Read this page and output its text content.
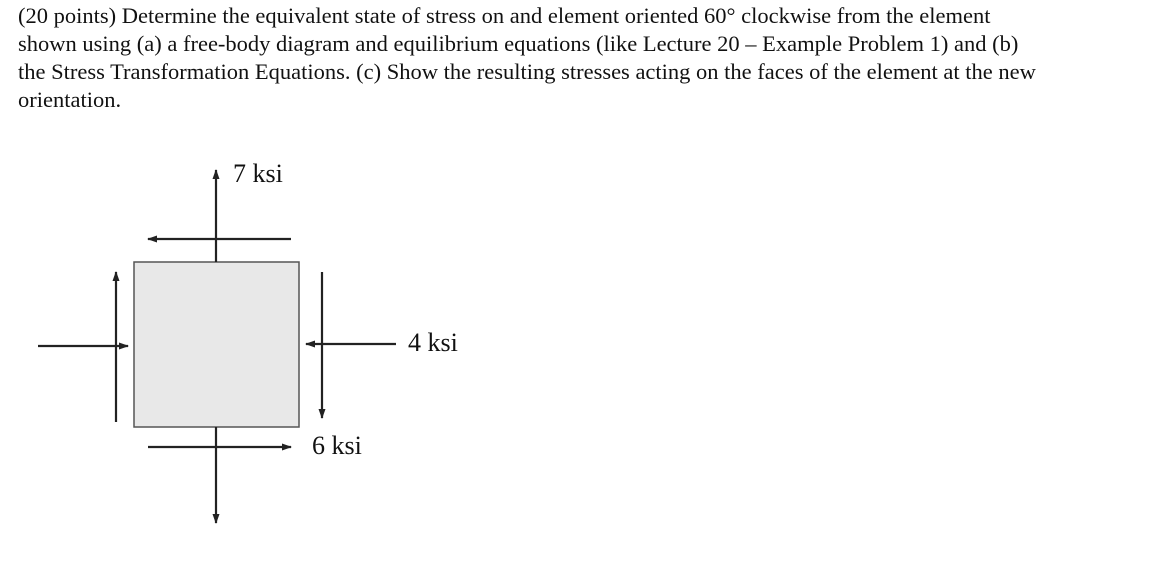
(20 points) Determine the equivalent state of stress on and element oriented 60° clockwise from the element

shown using (a) a free-body diagram and equilibrium equations (like Lecture 20 – Example Problem 1) and (b)

the Stress Transformation Equations. (c) Show the resulting stresses acting on the faces of the element at the new

orientation.

7 ksi
4 ksi
6 ksi
